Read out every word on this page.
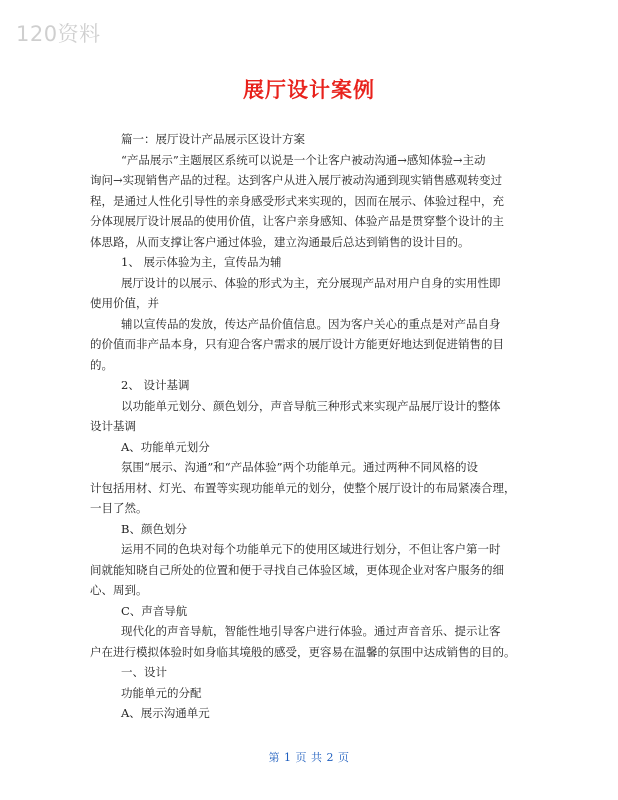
120资料
展厅设计案例
篇一：展厅设计产品展示区设计方案
“产品展示”主题展区系统可以说是一个让客户被动沟通→感知体验→主动
询问→实现销售产品的过程。达到客户从进入展厅被动沟通到现实销售感观转变过
程，是通过人性化引导性的亲身感受形式来实现的，因而在展示、体验过程中，充
分体现展厅设计展品的使用价值，让客户亲身感知、体验产品是贯穿整个设计的主
体思路，从而支撑让客户通过体验，建立沟通最后总达到销售的设计目的。
1、 展示体验为主，宣传品为辅
展厅设计的以展示、体验的形式为主，充分展现产品对用户自身的实用性即
使用价值，并
辅以宣传品的发放，传达产品价值信息。因为客户关心的重点是对产品自身
的价值而非产品本身，只有迎合客户需求的展厅设计方能更好地达到促进销售的目
的。
2、 设计基调
以功能单元划分、颜色划分，声音导航三种形式来实现产品展厅设计的整体
设计基调
A、功能单元划分
氛围“展示、沟通”和“产品体验”两个功能单元。通过两种不同风格的设
计包括用材、灯光、布置等实现功能单元的划分，使整个展厅设计的布局紧凑合理，
一目了然。
B、颜色划分
运用不同的色块对每个功能单元下的使用区域进行划分，不但让客户第一时
间就能知晓自己所处的位置和便于寻找自己体验区域，更体现企业对客户服务的细
心、周到。
C、声音导航
现代化的声音导航，智能性地引导客户进行体验。通过声音音乐、提示让客
户在进行模拟体验时如身临其境般的感受，更容易在温馨的氛围中达成销售的目的。
一、设计
功能单元的分配
A、展示沟通单元
第 1 页 共 2 页
